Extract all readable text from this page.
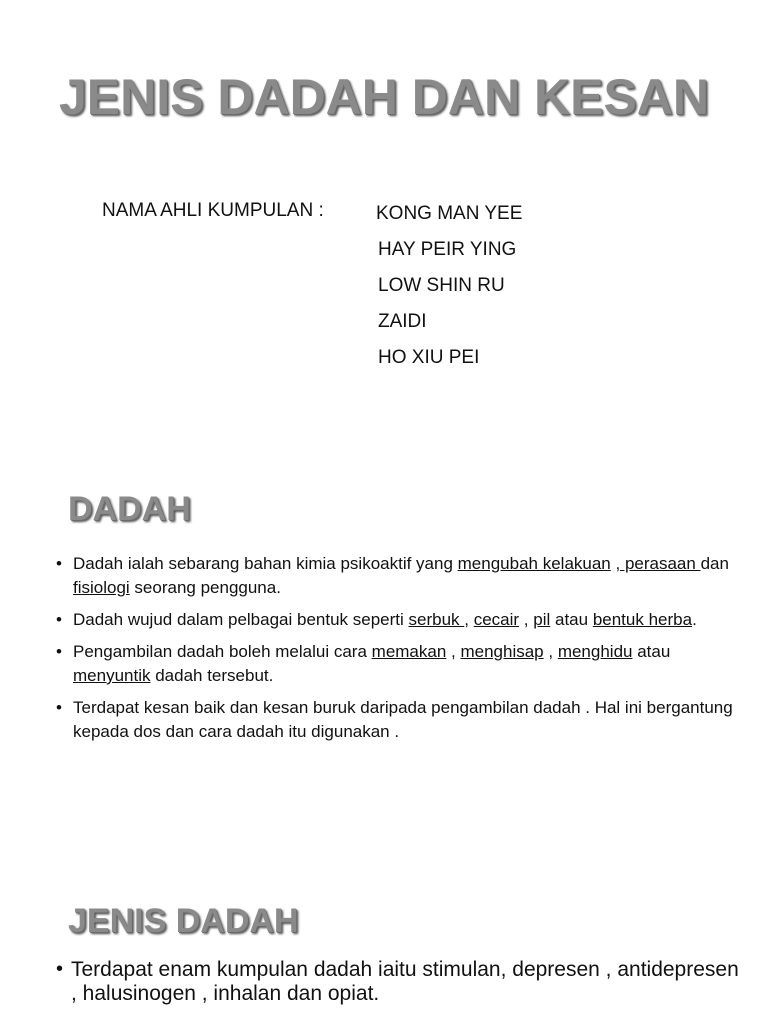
JENIS DADAH DAN KESAN
NAMA AHLI KUMPULAN :	KONG MAN YEE
HAY PEIR YING
LOW SHIN RU
ZAIDI
HO XIU PEI
DADAH
• Dadah ialah sebarang bahan kimia psikoaktif yang mengubah kelakuan , perasaan dan fisiologi seorang pengguna.
• Dadah wujud dalam pelbagai bentuk seperti serbuk , cecair , pil atau bentuk herba.
• Pengambilan dadah boleh melalui cara memakan , menghisap , menghidu atau menyuntik dadah tersebut.
• Terdapat kesan baik dan kesan buruk daripada pengambilan dadah . Hal ini bergantung kepada dos dan cara dadah itu digunakan .
JENIS DADAH
• Terdapat enam kumpulan dadah iaitu stimulan, depresen , antidepresen , halusinogen , inhalan dan opiat.
